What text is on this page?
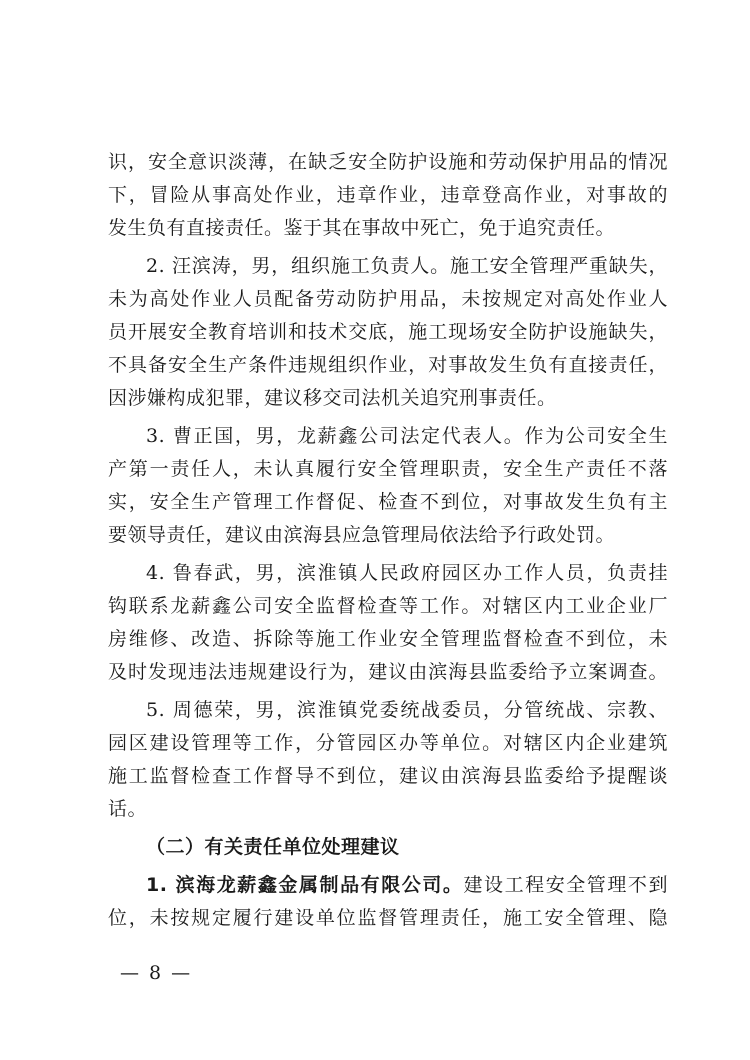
识，安全意识淡薄，在缺乏安全防护设施和劳动保护用品的情况
下，冒险从事高处作业，违章作业，违章登高作业，对事故的
发生负有直接责任。鉴于其在事故中死亡，免于追究责任。
2. 汪滨涛，男，组织施工负责人。施工安全管理严重缺失，
未为高处作业人员配备劳动防护用品，未按规定对高处作业人
员开展安全教育培训和技术交底，施工现场安全防护设施缺失，
不具备安全生产条件违规组织作业，对事故发生负有直接责任，
因涉嫌构成犯罪，建议移交司法机关追究刑事责任。
3. 曹正国，男，龙薪鑫公司法定代表人。作为公司安全生
产第一责任人，未认真履行安全管理职责，安全生产责任不落
实，安全生产管理工作督促、检查不到位，对事故发生负有主
要领导责任，建议由滨海县应急管理局依法给予行政处罚。
4. 鲁春武，男，滨淮镇人民政府园区办工作人员，负责挂
钩联系龙薪鑫公司安全监督检查等工作。对辖区内工业企业厂
房维修、改造、拆除等施工作业安全管理监督检查不到位，未
及时发现违法违规建设行为，建议由滨海县监委给予立案调查。
5. 周德荣，男，滨淮镇党委统战委员，分管统战、宗教、
园区建设管理等工作，分管园区办等单位。对辖区内企业建筑
施工监督检查工作督导不到位，建议由滨海县监委给予提醒谈
话。
（二）有关责任单位处理建议
1. 滨海龙薪鑫金属制品有限公司。建设工程安全管理不到
位，未按规定履行建设单位监督管理责任，施工安全管理、隐
— 8 —
